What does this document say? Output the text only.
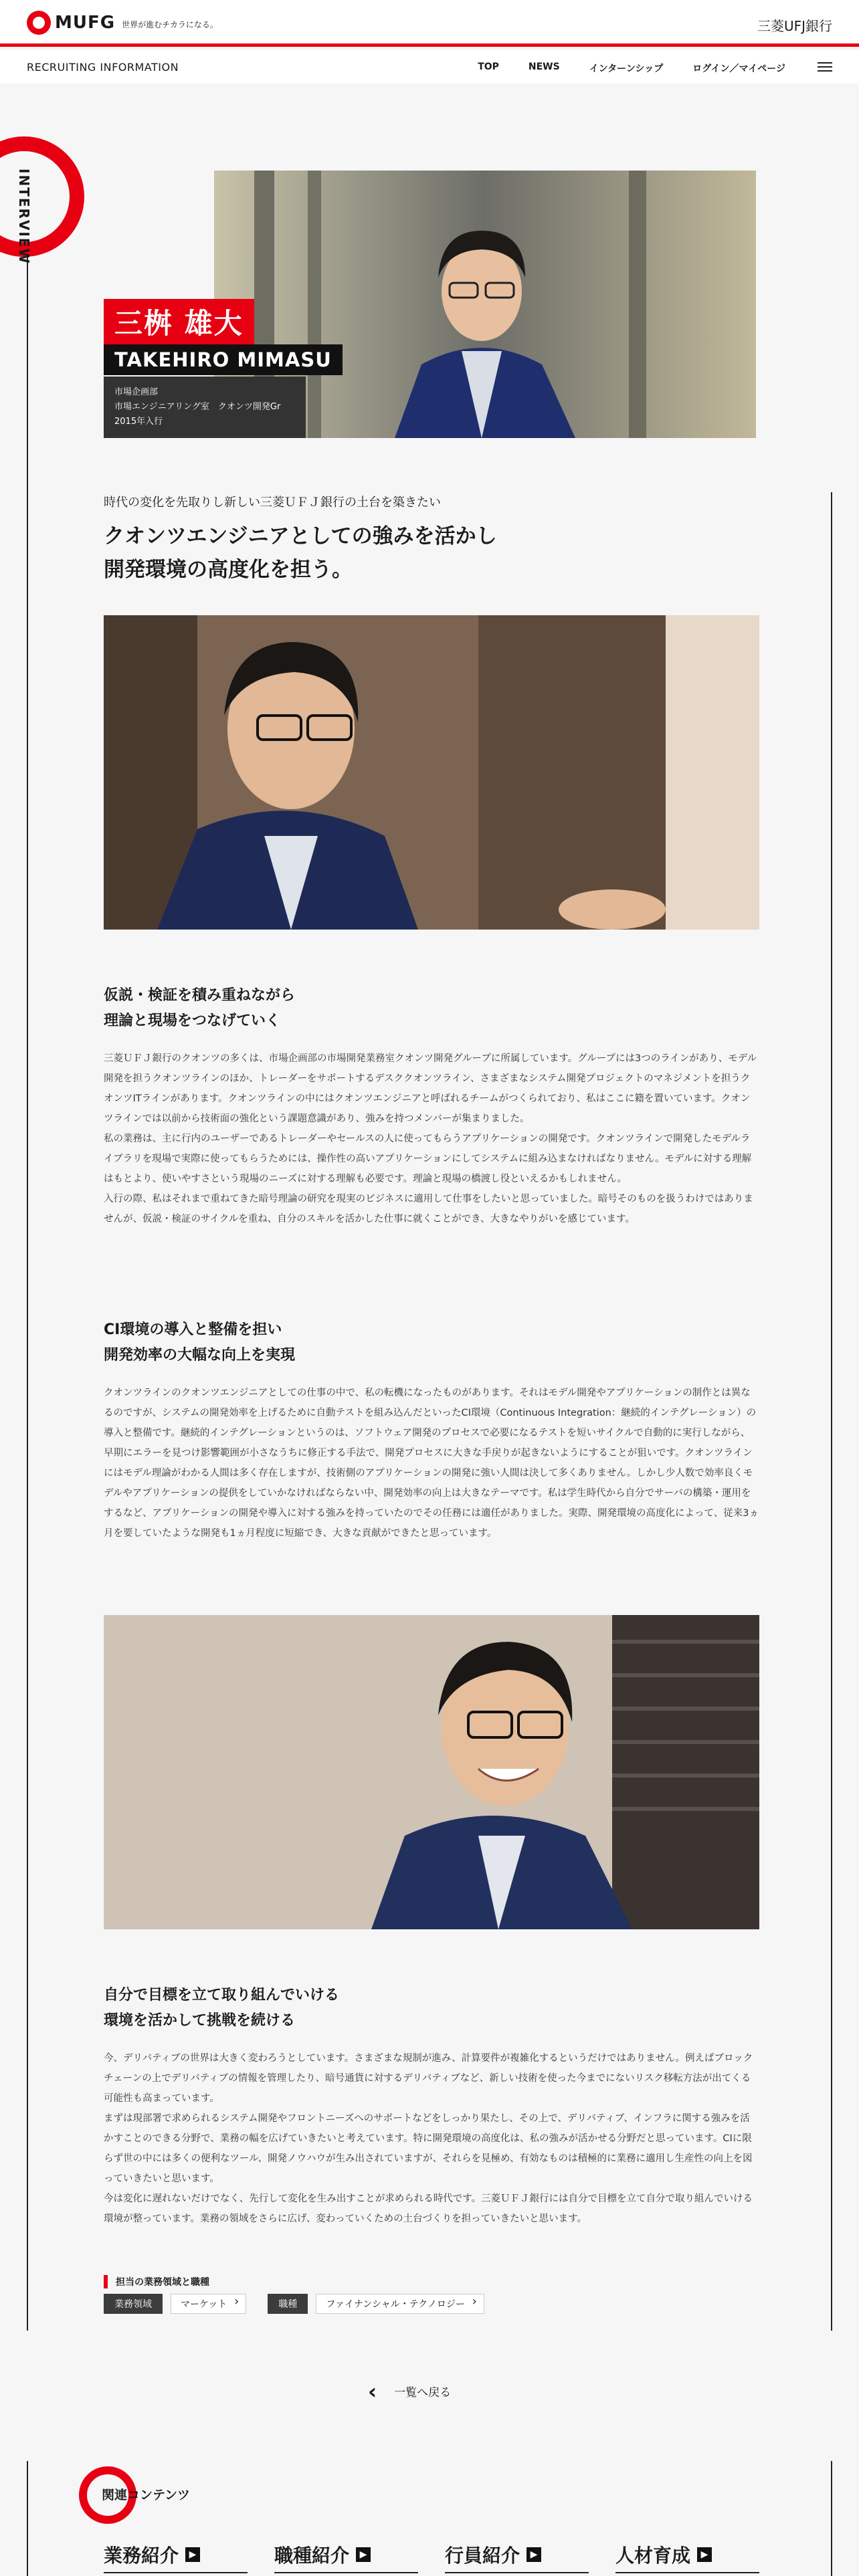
MUFG 世界が進むチカラになる。	三菱UFJ銀行
RECRUITING INFORMATION	TOP	NEWS	インターンシップ	ログイン／マイページ
INTERVIEW
三桝 雄大
TAKEHIRO MIMASU
市場企画部
市場エンジニアリング室　クオンツ開発Gr
2015年入行
時代の変化を先取りし新しい三菱ＵＦＪ銀行の土台を築きたい
クオンツエンジニアとしての強みを活かし
開発環境の高度化を担う。
仮説・検証を積み重ねながら
理論と現場をつなげていく

三菱ＵＦＪ銀行のクオンツの多くは、市場企画部の市場開発業務室クオンツ開発グループに所属しています。グループには3つのラインがあり、モデル開発を担うクオンツラインのほか、トレーダーをサポートするデスククオンツライン、さまざまなシステム開発プロジェクトのマネジメントを担うクオンツITラインがあります。クオンツラインの中にはクオンツエンジニアと呼ばれるチームがつくられており、私はここに籍を置いています。クオンツラインでは以前から技術面の強化という課題意識があり、強みを持つメンバーが集まりました。

私の業務は、主に行内のユーザーであるトレーダーやセールスの人に使ってもらうアプリケーションの開発です。クオンツラインで開発したモデルライブラリを現場で実際に使ってもらうためには、操作性の高いアプリケーションにしてシステムに組み込まなければなりません。モデルに対する理解はもとより、使いやすさという現場のニーズに対する理解も必要です。理論と現場の橋渡し役といえるかもしれません。

入行の際、私はそれまで重ねてきた暗号理論の研究を現実のビジネスに適用して仕事をしたいと思っていました。暗号そのものを扱うわけではありませんが、仮説・検証のサイクルを重ね、自分のスキルを活かした仕事に就くことができ、大きなやりがいを感じています。

CI環境の導入と整備を担い
開発効率の大幅な向上を実現

クオンツラインのクオンツエンジニアとしての仕事の中で、私の転機になったものがあります。それはモデル開発やアプリケーションの制作とは異なるのですが、システムの開発効率を上げるために自動テストを組み込んだといったCI環境（Continuous Integration：継続的インテグレーション）の導入と整備です。継続的インテグレーションというのは、ソフトウェア開発のプロセスで必要になるテストを短いサイクルで自動的に実行しながら、早期にエラーを見つけ影響範囲が小さなうちに修正する手法で、開発プロセスに大きな手戻りが起きないようにすることが狙いです。クオンツラインにはモデル理論がわかる人間は多く存在しますが、技術側のアプリケーションの開発に強い人間は決して多くありません。しかし少人数で効率良くモデルやアプリケーションの提供をしていかなければならない中、開発効率の向上は大きなテーマです。私は学生時代から自分でサーバの構築・運用をするなど、アプリケーションの開発や導入に対する強みを持っていたのでその任務には適任がありました。実際、開発環境の高度化によって、従来3ヵ月を要していたような開発も1ヵ月程度に短縮でき、大きな貢献ができたと思っています。

自分で目標を立て取り組んでいける
環境を活かして挑戦を続ける

今、デリバティブの世界は大きく変わろうとしています。さまざまな規制が進み、計算要件が複雑化するというだけではありません。例えばブロックチェーンの上でデリバティブの情報を管理したり、暗号通貨に対するデリバティブなど、新しい技術を使った今までにないリスク移転方法が出てくる可能性も高まっています。

まずは現部署で求められるシステム開発やフロントニーズへのサポートなどをしっかり果たし、その上で、デリバティブ、インフラに関する強みを活かすことのできる分野で、業務の幅を広げていきたいと考えています。特に開発環境の高度化は、私の強みが活かせる分野だと思っています。CIに限らず世の中には多くの便利なツール、開発ノウハウが生み出されていますが、それらを見極め、有効なものは積極的に業務に適用し生産性の向上を図っていきたいと思います。

今は変化に遅れないだけでなく、先行して変化を生み出すことが求められる時代です。三菱ＵＦＪ銀行には自分で目標を立て自分で取り組んでいける環境が整っています。業務の領域をさらに広げ、変わっていくための土台づくりを担っていきたいと思います。

担当の業務領域と職種
業務領域	マーケット ›	職種	ファイナンシャル・テクノロジー ›
‹ 一覧へ戻る
関連コンテンツ
業務紹介	▶	職種紹介	▶	行員紹介	▶	人材育成	▶
